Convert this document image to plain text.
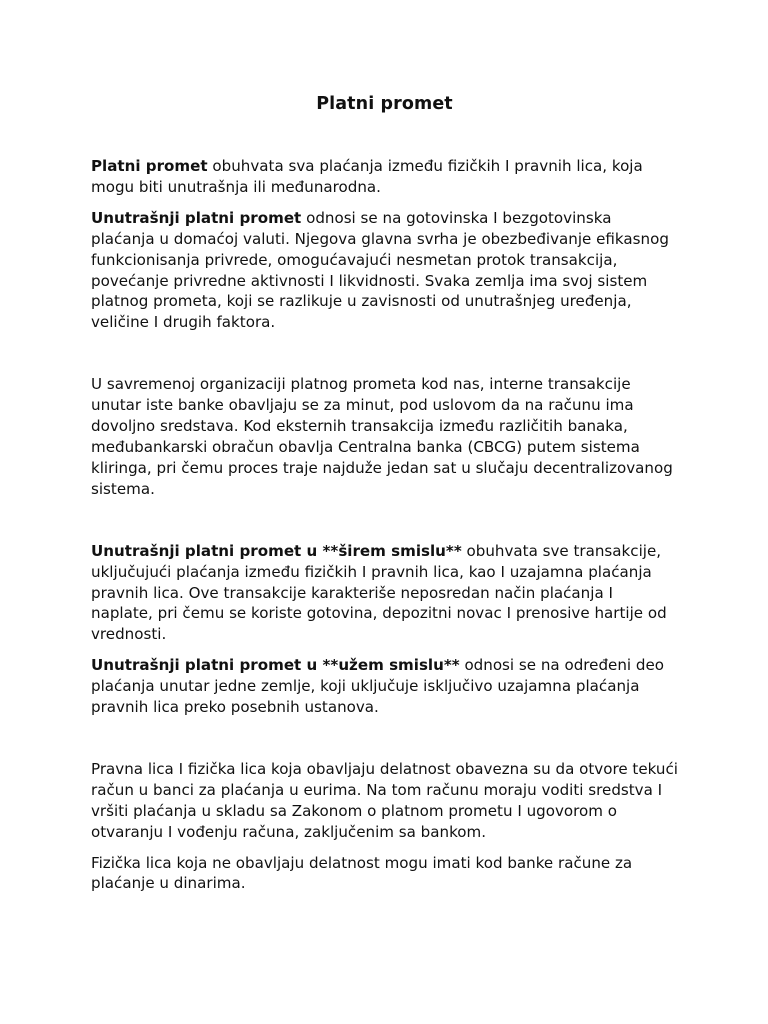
Platni promet

Platni promet obuhvata sva plaćanja između fizičkih I pravnih lica, koja mogu biti unutrašnja ili međunarodna.

Unutrašnji platni promet odnosi se na gotovinska I bezgotovinska plaćanja u domaćoj valuti. Njegova glavna svrha je obezbeđivanje efikasnog funkcionisanja privrede, omogućavajući nesmetan protok transakcija, povećanje privredne aktivnosti I likvidnosti. Svaka zemlja ima svoj sistem platnog prometa, koji se razlikuje u zavisnosti od unutrašnjeg uređenja, veličine I drugih faktora.

U savremenoj organizaciji platnog prometa kod nas, interne transakcije unutar iste banke obavljaju se za minut, pod uslovom da na računu ima dovoljno sredstava. Kod eksternih transakcija između različitih banaka, međubankarski obračun obavlja Centralna banka (CBCG) putem sistema kliringa, pri čemu proces traje najduže jedan sat u slučaju decentralizovanog sistema.

Unutrašnji platni promet u **širem smislu** obuhvata sve transakcije, uključujući plaćanja između fizičkih I pravnih lica, kao I uzajamna plaćanja pravnih lica. Ove transakcije karakteriše neposredan način plaćanja I naplate, pri čemu se koriste gotovina, depozitni novac I prenosive hartije od vrednosti.

Unutrašnji platni promet u **užem smislu** odnosi se na određeni deo plaćanja unutar jedne zemlje, koji uključuje isključivo uzajamna plaćanja pravnih lica preko posebnih ustanova.

Pravna lica I fizička lica koja obavljaju delatnost obavezna su da otvore tekući račun u banci za plaćanja u eurima. Na tom računu moraju voditi sredstva I vršiti plaćanja u skladu sa Zakonom o platnom prometu I ugovorom o otvaranju I vođenju računa, zaključenim sa bankom.

Fizička lica koja ne obavljaju delatnost mogu imati kod banke račune za plaćanje u dinarima.
